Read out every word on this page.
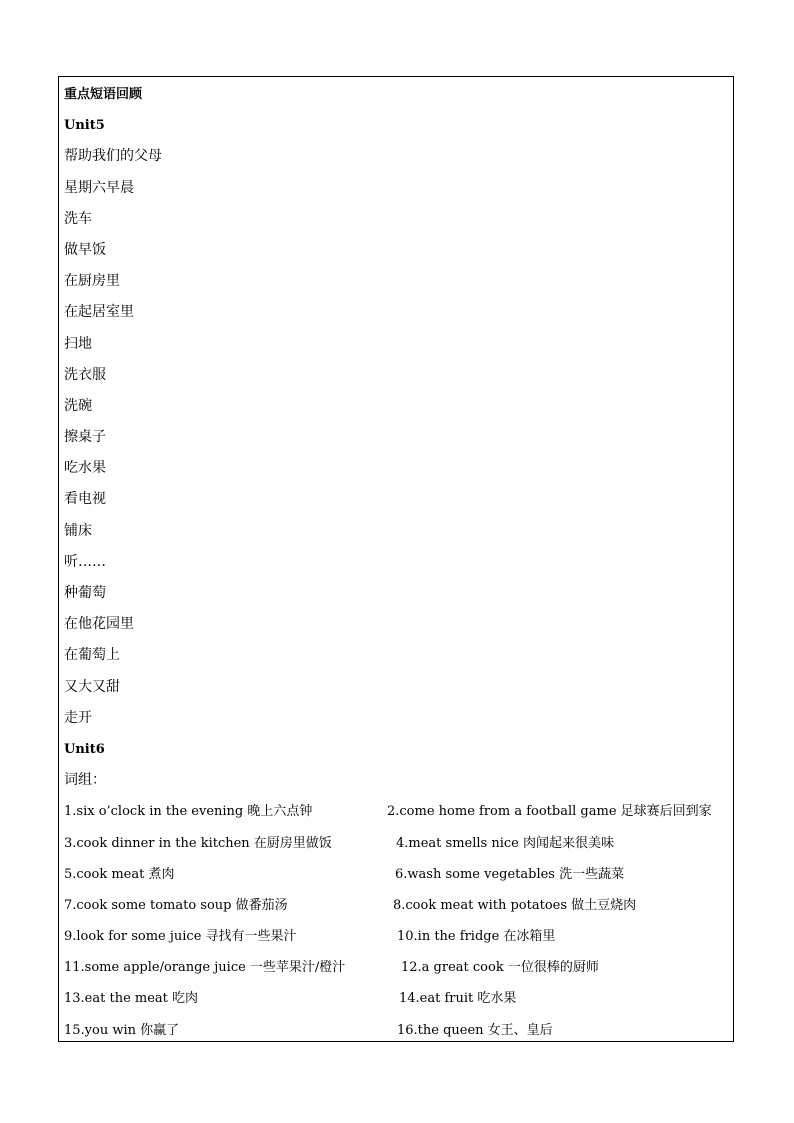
重点短语回顾
Unit5
帮助我们的父母
星期六早晨
洗车
做早饭
在厨房里
在起居室里
扫地
洗衣服
洗碗
擦桌子
吃水果
看电视
铺床
听……
种葡萄
在他花园里
在葡萄上
又大又甜
走开
Unit6
词组：
1.six o’clock in the evening 晚上六点钟	2.come home from a football game 足球赛后回到家
3.cook dinner in the kitchen 在厨房里做饭	4.meat smells nice 肉闻起来很美味
5.cook meat 煮肉	6.wash some vegetables 洗一些蔬菜
7.cook some tomato soup 做番茄汤	8.cook meat with potatoes 做土豆烧肉
9.look for some juice 寻找有一些果汁	10.in the fridge 在冰箱里
11.some apple/orange juice 一些苹果汁/橙汁	12.a great cook 一位很棒的厨师
13.eat the meat 吃肉	14.eat fruit 吃水果
15.you win 你赢了	16.the queen 女王、皇后
